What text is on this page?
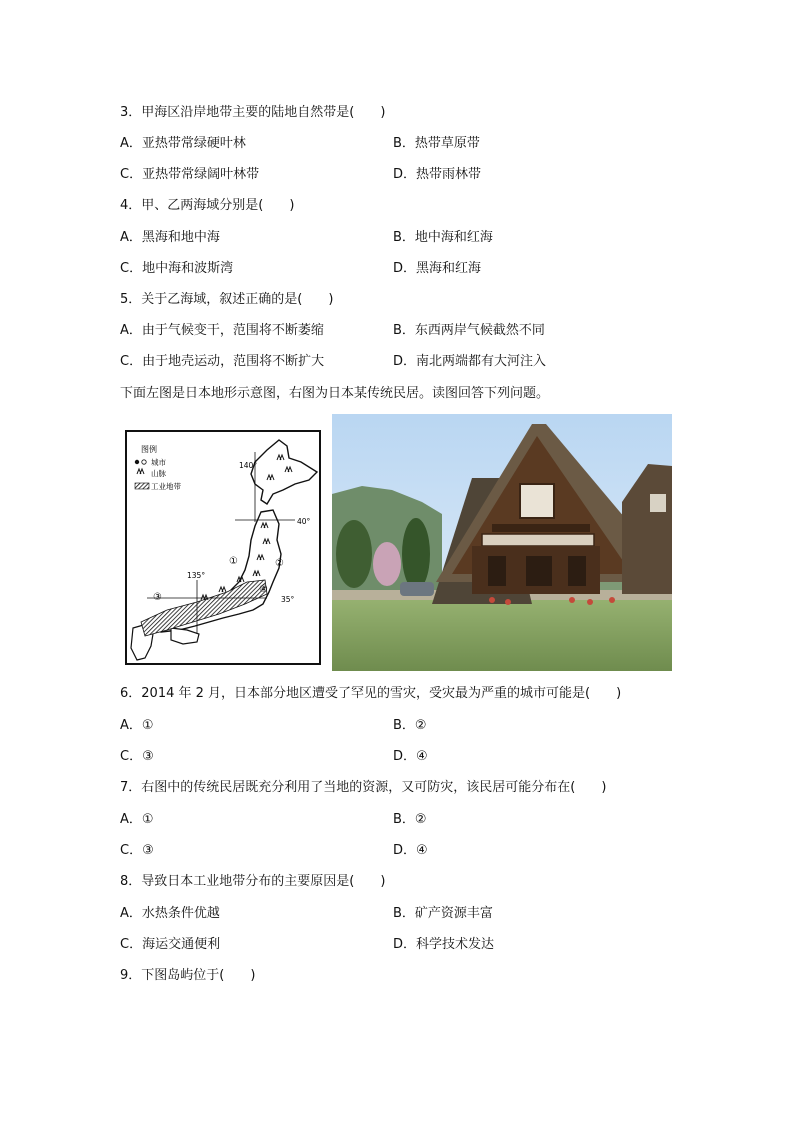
3．甲海区沿岸地带主要的陆地自然带是(　　)
A．亚热带常绿硬叶林	B．热带草原带
C．亚热带常绿阔叶林带	D．热带雨林带
4．甲、乙两海域分别是(　　)
A．黑海和地中海	B．地中海和红海
C．地中海和波斯湾	D．黑海和红海
5．关于乙海域，叙述正确的是(　　)
A．由于气候变干，范围将不断萎缩	B．东西两岸气候截然不同
C．由于地壳运动，范围将不断扩大	D．南北两端都有大河注入
下面左图是日本地形示意图，右图为日本某传统民居。读图回答下列问题。
图例
城市
山脉
工业地带
140°
40°
135°
35°
①	②
③
④
6．2014 年 2 月，日本部分地区遭受了罕见的雪灾，受灾最为严重的城市可能是(　　)
A．①	B．②
C．③	D．④
7．右图中的传统民居既充分利用了当地的资源，又可防灾，该民居可能分布在(　　)
A．①	B．②
C．③	D．④
8．导致日本工业地带分布的主要原因是(　　)
A．水热条件优越	B．矿产资源丰富
C．海运交通便利	D．科学技术发达
9．下图岛屿位于(　　)
